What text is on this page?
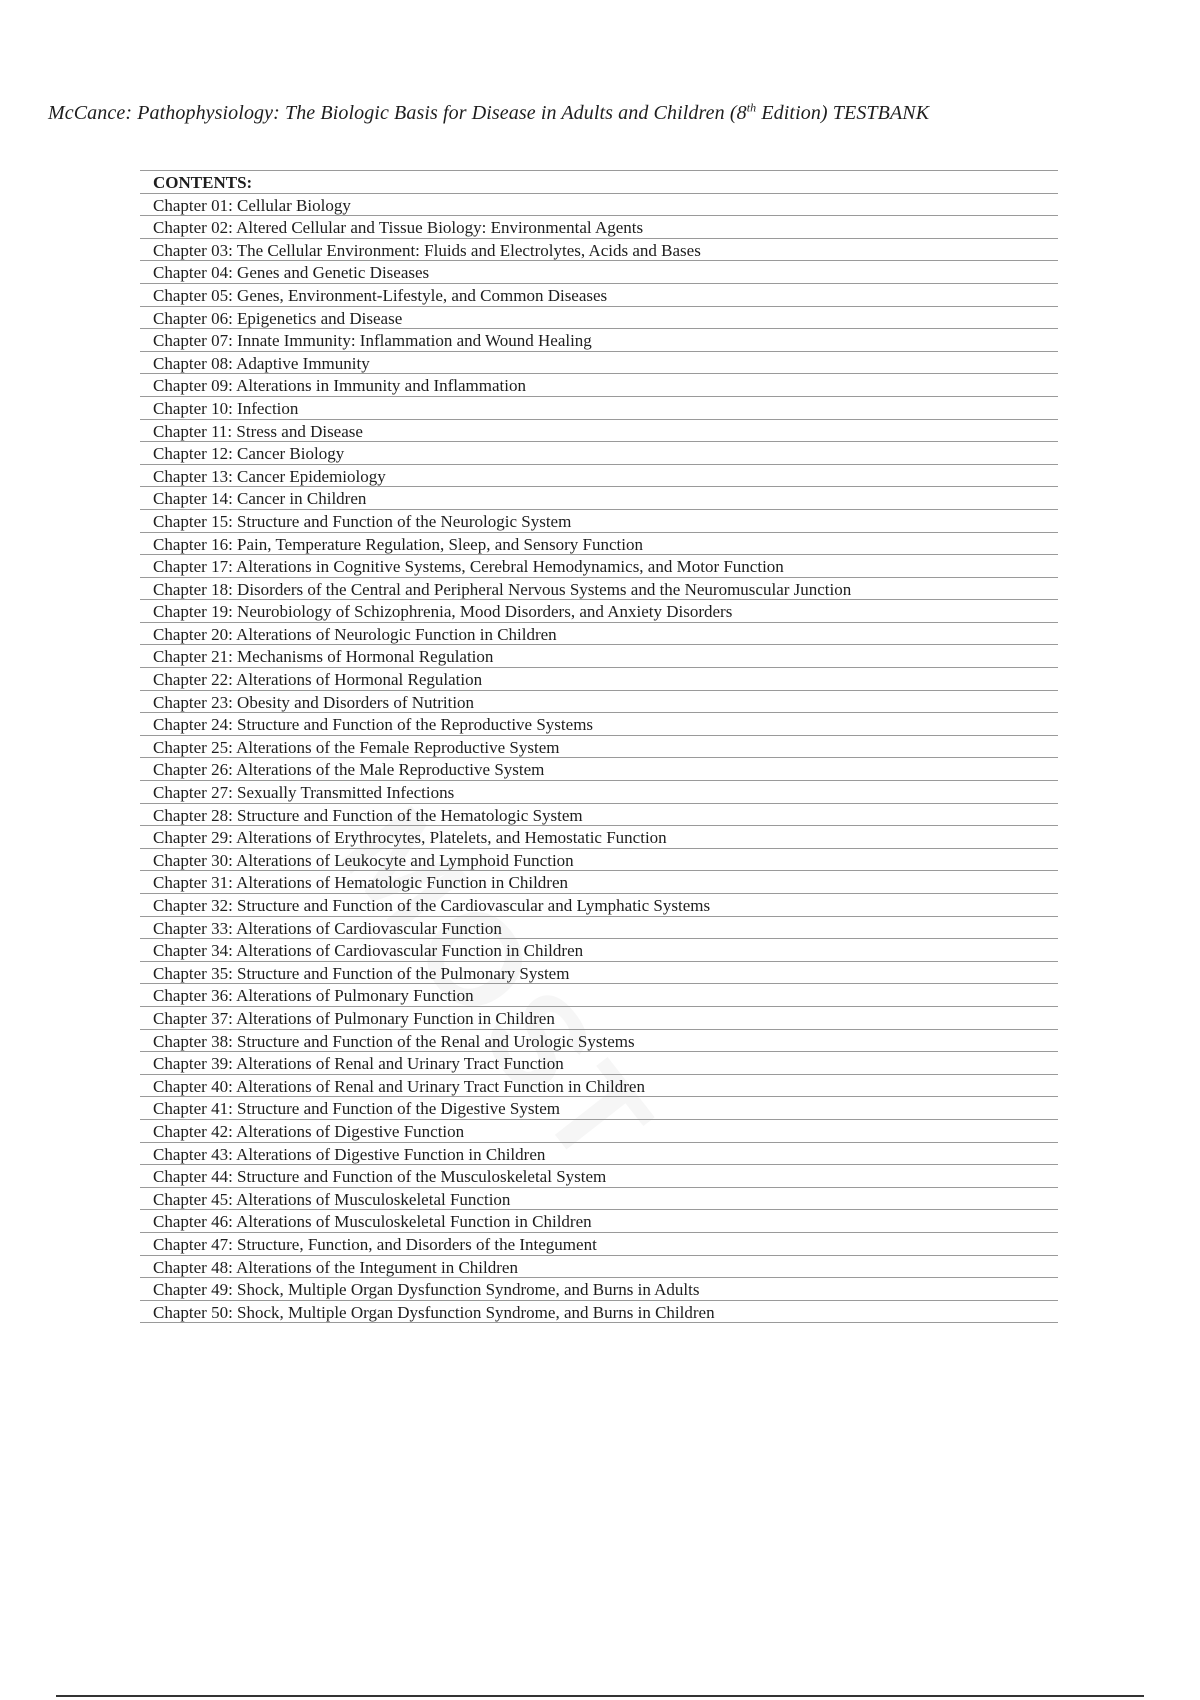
McCance: Pathophysiology: The Biologic Basis for Disease in Adults and Children (8th Edition) TESTBANK
CONTENTS:
Chapter 01: Cellular Biology
Chapter 02: Altered Cellular and Tissue Biology: Environmental Agents
Chapter 03: The Cellular Environment: Fluids and Electrolytes, Acids and Bases
Chapter 04: Genes and Genetic Diseases
Chapter 05: Genes, Environment-Lifestyle, and Common Diseases
Chapter 06: Epigenetics and Disease
Chapter 07: Innate Immunity: Inflammation and Wound Healing
Chapter 08: Adaptive Immunity
Chapter 09: Alterations in Immunity and Inflammation
Chapter 10: Infection
Chapter 11: Stress and Disease
Chapter 12: Cancer Biology
Chapter 13: Cancer Epidemiology
Chapter 14: Cancer in Children
Chapter 15: Structure and Function of the Neurologic System
Chapter 16: Pain, Temperature Regulation, Sleep, and Sensory Function
Chapter 17: Alterations in Cognitive Systems, Cerebral Hemodynamics, and Motor Function
Chapter 18: Disorders of the Central and Peripheral Nervous Systems and the Neuromuscular Junction
Chapter 19: Neurobiology of Schizophrenia, Mood Disorders, and Anxiety Disorders
Chapter 20: Alterations of Neurologic Function in Children
Chapter 21: Mechanisms of Hormonal Regulation
Chapter 22: Alterations of Hormonal Regulation
Chapter 23: Obesity and Disorders of Nutrition
Chapter 24: Structure and Function of the Reproductive Systems
Chapter 25: Alterations of the Female Reproductive System
Chapter 26: Alterations of the Male Reproductive System
Chapter 27: Sexually Transmitted Infections
Chapter 28: Structure and Function of the Hematologic System
Chapter 29: Alterations of Erythrocytes, Platelets, and Hemostatic Function
Chapter 30: Alterations of Leukocyte and Lymphoid Function
Chapter 31: Alterations of Hematologic Function in Children
Chapter 32: Structure and Function of the Cardiovascular and Lymphatic Systems
Chapter 33: Alterations of Cardiovascular Function
Chapter 34: Alterations of Cardiovascular Function in Children
Chapter 35: Structure and Function of the Pulmonary System
Chapter 36: Alterations of Pulmonary Function
Chapter 37: Alterations of Pulmonary Function in Children
Chapter 38: Structure and Function of the Renal and Urologic Systems
Chapter 39: Alterations of Renal and Urinary Tract Function
Chapter 40: Alterations of Renal and Urinary Tract Function in Children
Chapter 41: Structure and Function of the Digestive System
Chapter 42: Alterations of Digestive Function
Chapter 43: Alterations of Digestive Function in Children
Chapter 44: Structure and Function of the Musculoskeletal System
Chapter 45: Alterations of Musculoskeletal Function
Chapter 46: Alterations of Musculoskeletal Function in Children
Chapter 47: Structure, Function, and Disorders of the Integument
Chapter 48: Alterations of the Integument in Children
Chapter 49: Shock, Multiple Organ Dysfunction Syndrome, and Burns in Adults
Chapter 50: Shock, Multiple Organ Dysfunction Syndrome, and Burns in Children
